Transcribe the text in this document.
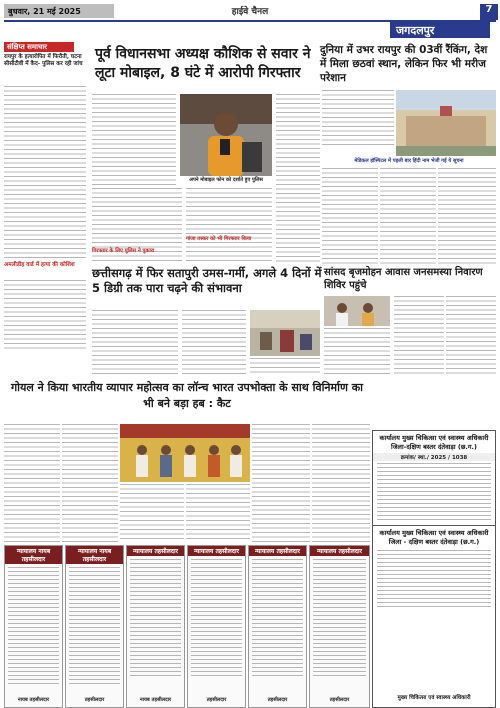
बुधवार, 21 मई 2025	हाईवे चैनल	7
जगदलपुर
संक्षिप्त समाचार
रायपुर के हत्यारोपित में फिरौती, घटना सीसीटीवी में कैद- पुलिस कर रही जांच
अमलीडीह वार्ड में हत्या की कोशिश
पूर्व विधानसभा अध्यक्ष कौशिक से सवार ने लूटा मोबाइल, 8 घंटे में आरोपी गिरफ्तार
अपने मोबाइल फोन को दर्शाते हुए पुलिस
गिरफ्तार के लिए पुलिस ने पुकारा
गांजा तस्कर को भी गिरफ्तार किया
दुनिया में उभर रायपुर की 03वीं रैंकिंग, देश में मिला छठवां स्थान, लेकिन फिर भी मरीज परेशान
मेडिकल हॉस्पिटल में पहली बार हिंदी नाम भेजी गई ये सूचना
छत्तीसगढ़ में फिर सतापुरी उमस-गर्मी, अगले 4 दिनों में 5 डिग्री तक पारा चढ़ने की संभावना
सांसद बृजमोहन आवास जनसमस्या निवारण शिविर पहुंचे
गोयल ने किया भारतीय व्यापार महोत्सव का लॉन्च भारत उपभोक्ता के साथ विनिर्माण का भी बने बड़ा हब : कैट
कार्यालय मुख्य चिकित्सा एवं स्वास्थ्य अधिकारी जिला-दक्षिण बस्तर दंतेवाड़ा (छ.ग.)
क्रमांक/ स्था./ 2025 / 1038
कार्यालय मुख्य चिकित्सा एवं स्वास्थ्य अधिकारी जिला - दक्षिण बस्तर दंतेवाड़ा (छ.ग.)
मुख्य चिकित्सा एवं स्वास्थ्य अधिकारी
न्यायालय नायब तहसीलदार
नायब तहसीलदार
न्यायालय नायब तहसीलदार
तहसीलदार
न्यायालय तहसीलदार
नायब तहसीलदार
न्यायालय तहसीलदार
तहसीलदार
न्यायालय तहसीलदार
तहसीलदार
न्यायालय तहसीलदार
तहसीलदार
